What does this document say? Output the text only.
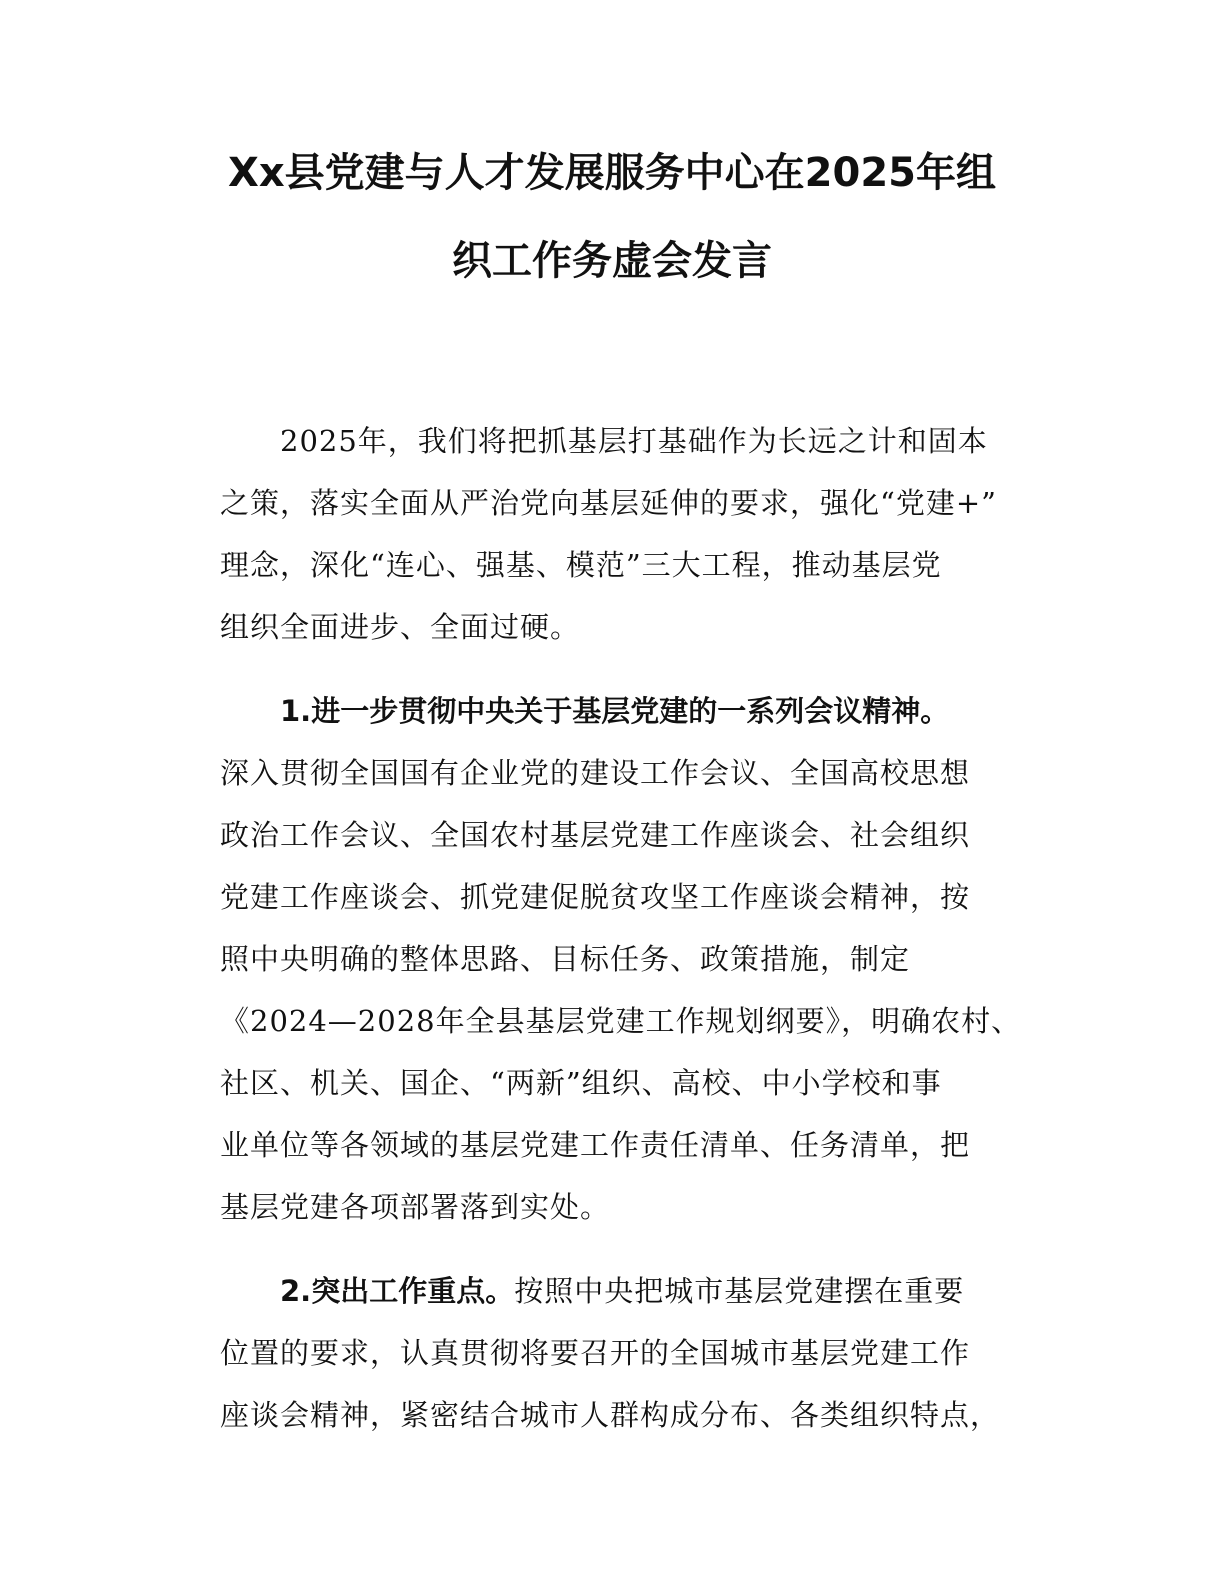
Xx县党建与人才发展服务中心在2025年组
织工作务虚会发言
2025年，我们将把抓基层打基础作为长远之计和固本
之策，落实全面从严治党向基层延伸的要求，强化“党建+”
理念，深化“连心、强基、模范”三大工程，推动基层党
组织全面进步、全面过硬。
1.进一步贯彻中央关于基层党建的一系列会议精神。
深入贯彻全国国有企业党的建设工作会议、全国高校思想
政治工作会议、全国农村基层党建工作座谈会、社会组织
党建工作座谈会、抓党建促脱贫攻坚工作座谈会精神，按
照中央明确的整体思路、目标任务、政策措施，制定
《2024—2028年全县基层党建工作规划纲要》，明确农村、
社区、机关、国企、“两新”组织、高校、中小学校和事
业单位等各领域的基层党建工作责任清单、任务清单，把
基层党建各项部署落到实处。
2.突出工作重点。按照中央把城市基层党建摆在重要
位置的要求，认真贯彻将要召开的全国城市基层党建工作
座谈会精神，紧密结合城市人群构成分布、各类组织特点，
